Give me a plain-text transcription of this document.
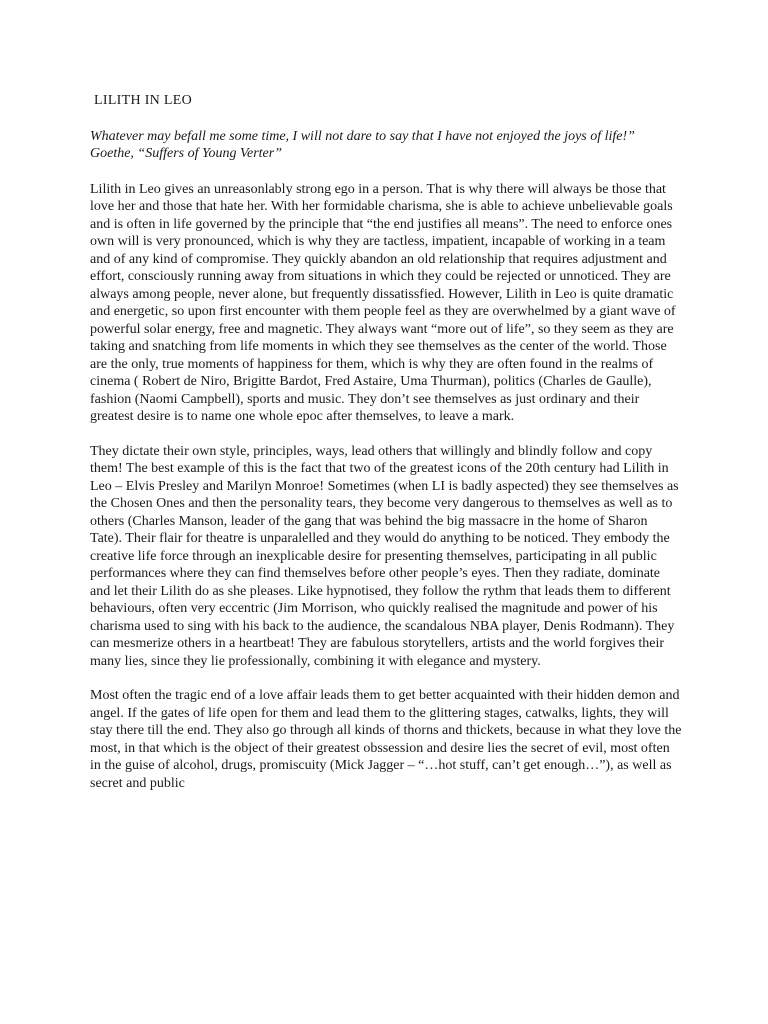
LILITH IN LEO
Whatever may befall me some time, I will not dare to say that I have not enjoyed the joys of life!”
Goethe, “Suffers of Young Verter”

Lilith in Leo gives an unreasonlably strong ego in a person. That is why there will always be those that love her and those that hate her. With her formidable charisma, she is able to achieve unbelievable goals and is often in life governed by the principle that “the end justifies all means”. The need to enforce ones own will is very pronounced, which is why they are tactless, impatient, incapable of working in a team and of any kind of compromise. They quickly abandon an old relationship that requires adjustment and effort, consciously running away from situations in which they could be rejected or unnoticed. They are always among people, never alone, but frequently dissatissfied. However, Lilith in Leo is quite dramatic and energetic, so upon first encounter with them people feel as they are overwhelmed by a giant wave of powerful solar energy, free and magnetic. They always want “more out of life”, so they seem as they are taking and snatching from life moments in which they see themselves as the center of the world. Those are the only, true moments of happiness for them, which is why they are often found in the realms of cinema ( Robert de Niro, Brigitte Bardot, Fred Astaire, Uma Thurman), politics (Charles de Gaulle), fashion (Naomi Campbell), sports and music. They don’t see themselves as just ordinary and their greatest desire is to name one whole epoc after themselves, to leave a mark.

They dictate their own style, principles, ways, lead others that willingly and blindly follow and copy them! The best example of this is the fact that two of the greatest icons of the 20th century had Lilith in Leo – Elvis Presley and Marilyn Monroe! Sometimes (when LI is badly aspected) they see themselves as the Chosen Ones and then the personality tears, they become very dangerous to themselves as well as to others (Charles Manson, leader of the gang that was behind the big massacre in the home of Sharon Tate). Their flair for theatre is unparalelled and they would do anything to be noticed. They embody the creative life force through an inexplicable desire for presenting themselves, participating in all public performances where they can find themselves before other people’s eyes. Then they radiate, dominate and let their Lilith do as she pleases. Like hypnotised, they follow the rythm that leads them to different behaviours, often very eccentric (Jim Morrison, who quickly realised the magnitude and power of his charisma used to sing with his back to the audience, the scandalous NBA player, Denis Rodmann). They can mesmerize others in a heartbeat! They are fabulous storytellers, artists and the world forgives their many lies, since they lie professionally, combining it with elegance and mystery.

Most often the tragic end of a love affair leads them to get better acquainted with their hidden demon and angel. If the gates of life open for them and lead them to the glittering stages, catwalks, lights, they will stay there till the end. They also go through all kinds of thorns and thickets, because in what they love the most, in that which is the object of their greatest obssession and desire lies the secret of evil, most often in the guise of alcohol, drugs, promiscuity (Mick Jagger – “…hot stuff, can’t get enough…”), as well as secret and public
